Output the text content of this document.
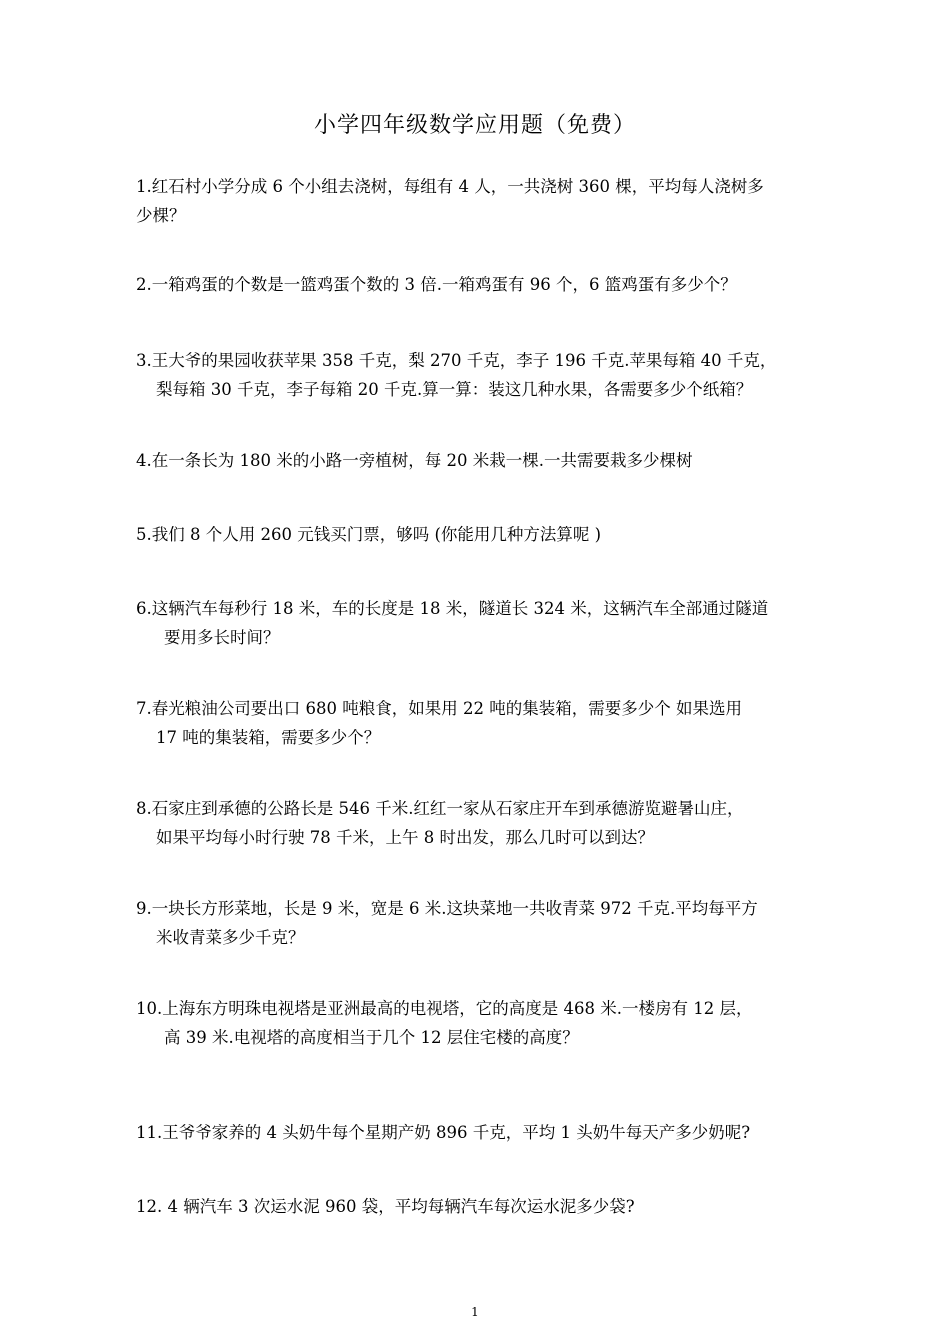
小学四年级数学应用题（免费）
1.红石村小学分成 6 个小组去浇树，每组有 4 人，一共浇树 360 棵，平均每人浇树多
少棵？
2.一箱鸡蛋的个数是一篮鸡蛋个数的 3 倍.一箱鸡蛋有 96 个，6 篮鸡蛋有多少个？
3.王大爷的果园收获苹果 358 千克，梨 270 千克，李子 196 千克.苹果每箱 40 千克，
梨每箱 30 千克，李子每箱 20 千克.算一算：装这几种水果，各需要多少个纸箱？
4.在一条长为 180 米的小路一旁植树，每 20 米栽一棵.一共需要栽多少棵树
5.我们 8 个人用 260 元钱买门票，够吗 (你能用几种方法算呢 )
6.这辆汽车每秒行 18 米，车的长度是 18 米，隧道长 324 米，这辆汽车全部通过隧道
要用多长时间？
7.春光粮油公司要出口 680 吨粮食，如果用 22 吨的集装箱，需要多少个 如果选用
17 吨的集装箱，需要多少个？
8.石家庄到承德的公路长是 546 千米.红红一家从石家庄开车到承德游览避暑山庄，
如果平均每小时行驶 78 千米，上午 8 时出发，那么几时可以到达？
9.一块长方形菜地，长是 9 米，宽是 6 米.这块菜地一共收青菜 972 千克.平均每平方
米收青菜多少千克？
10.上海东方明珠电视塔是亚洲最高的电视塔，它的高度是 468 米.一楼房有 12 层，
高 39 米.电视塔的高度相当于几个 12 层住宅楼的高度？
11.王爷爷家养的 4 头奶牛每个星期产奶 896 千克，平均 1 头奶牛每天产多少奶呢?
12. 4 辆汽车 3 次运水泥 960 袋，平均每辆汽车每次运水泥多少袋?
1
